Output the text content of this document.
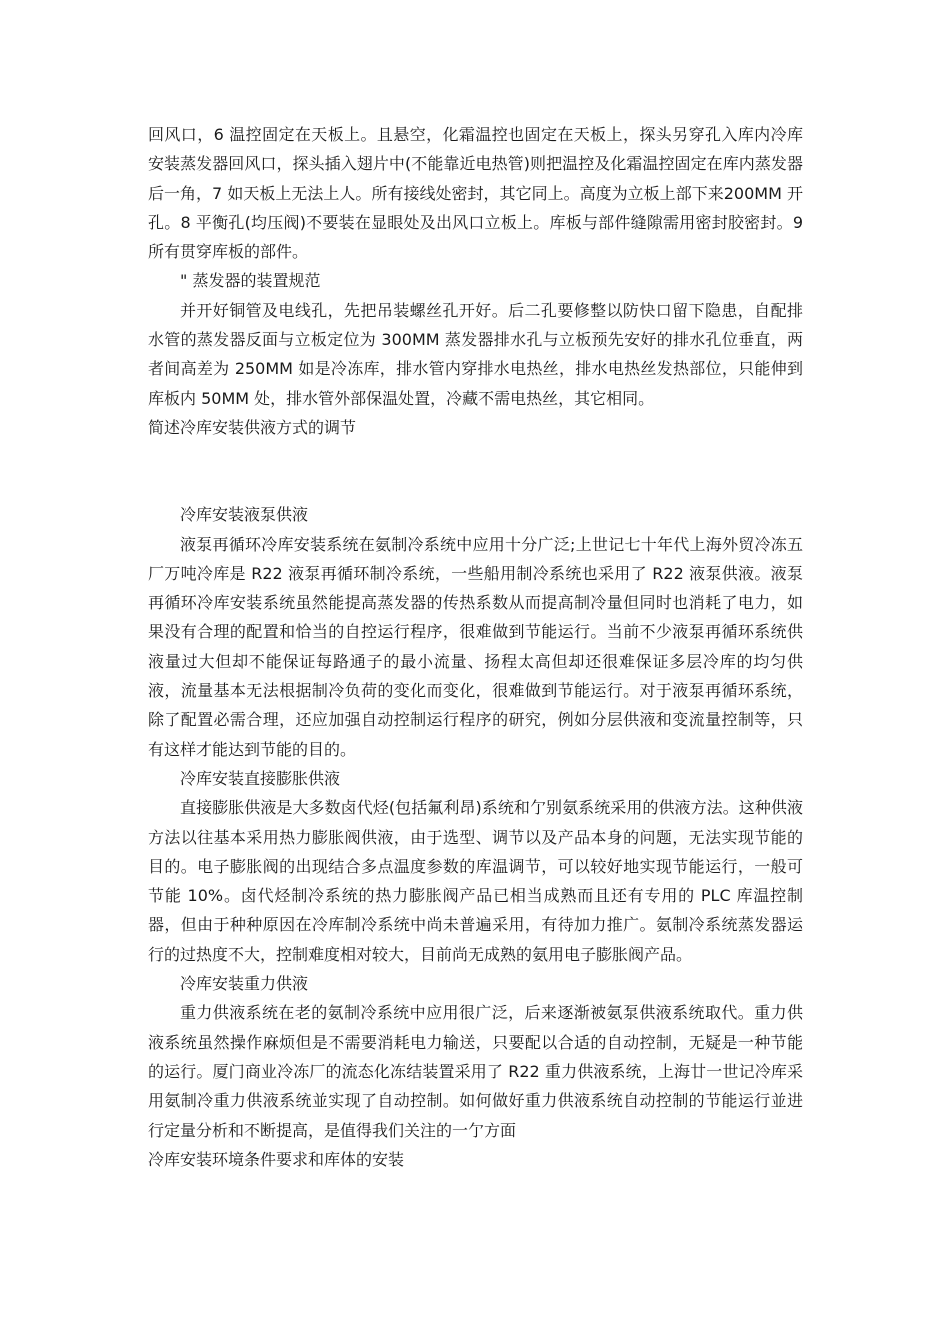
回风口，6 温控固定在天板上。且悬空，化霜温控也固定在天板上，探头另穿孔入库内冷库安装蒸发器回风口，探头插入翅片中(不能靠近电热管)则把温控及化霜温控固定在库内蒸发器后一角，7 如天板上无法上人。所有接线处密封，其它同上。高度为立板上部下来200MM 开孔。8 平衡孔(均压阀)不要装在显眼处及出风口立板上。库板与部件缝隙需用密封胶密封。9 所有贯穿库板的部件。

" 蒸发器的装置规范

并开好铜管及电线孔，先把吊装螺丝孔开好。后二孔要修整以防快口留下隐患，自配排水管的蒸发器反面与立板定位为 300MM 蒸发器排水孔与立板预先安好的排水孔位垂直，两者间高差为 250MM 如是冷冻库，排水管内穿排水电热丝，排水电热丝发热部位，只能伸到库板内 50MM 处，排水管外部保温处置，冷藏不需电热丝，其它相同。

简述冷库安装供液方式的调节

冷库安装液泵供液

液泵再循环冷库安装系统在氨制冷系统中应用十分广泛;上世记七十年代上海外贸冷冻五厂万吨冷库是 R22 液泵再循环制冷系统，一些船用制冷系统也采用了 R22 液泵供液。液泵再循环冷库安装系统虽然能提高蒸发器的传热系数从而提高制冷量但同时也消耗了电力，如果没有合理的配置和恰当的自控运行程序，很难做到节能运行。当前不少液泵再循环系统供液量过大但却不能保证每路通子的最小流量、扬程太高但却还很难保证多层冷库的均匀供液，流量基本无法根据制冷负荷的变化而变化，很难做到节能运行。对于液泵再循环系统，除了配置必需合理，还应加强自动控制运行程序的研究，例如分层供液和变流量控制等，只有这样才能达到节能的目的。

冷库安装直接膨胀供液

直接膨胀供液是大多数卤代烃(包括氟利昂)系统和亇别氨系统采用的供液方法。这种供液方法以往基本采用热力膨胀阀供液，由于选型、调节以及产品本身的问题，无法实现节能的目的。电子膨胀阀的出现结合多点温度参数的库温调节，可以较好地实现节能运行，一般可节能 10%。卤代烃制冷系统的热力膨胀阀产品已相当成熟而且还有专用的 PLC 库温控制器，但由于种种原因在冷库制冷系统中尚未普遍采用，有待加力推广。氨制冷系统蒸发器运行的过热度不大，控制难度相对较大，目前尚无成熟的氨用电子膨胀阀产品。

冷库安装重力供液

重力供液系统在老的氨制冷系统中应用很广泛，后来逐渐被氨泵供液系统取代。重力供液系统虽然操作麻烦但是不需要消耗电力输送，只要配以合适的自动控制，无疑是一种节能的运行。厦门商业冷冻厂的流态化冻结装置采用了 R22 重力供液系统，上海廿一世记冷库采用氨制冷重力供液系统並实现了自动控制。如何做好重力供液系统自动控制的节能运行並进行定量分析和不断提高，是值得我们关注的一亇方面

冷库安装环境条件要求和库体的安装
